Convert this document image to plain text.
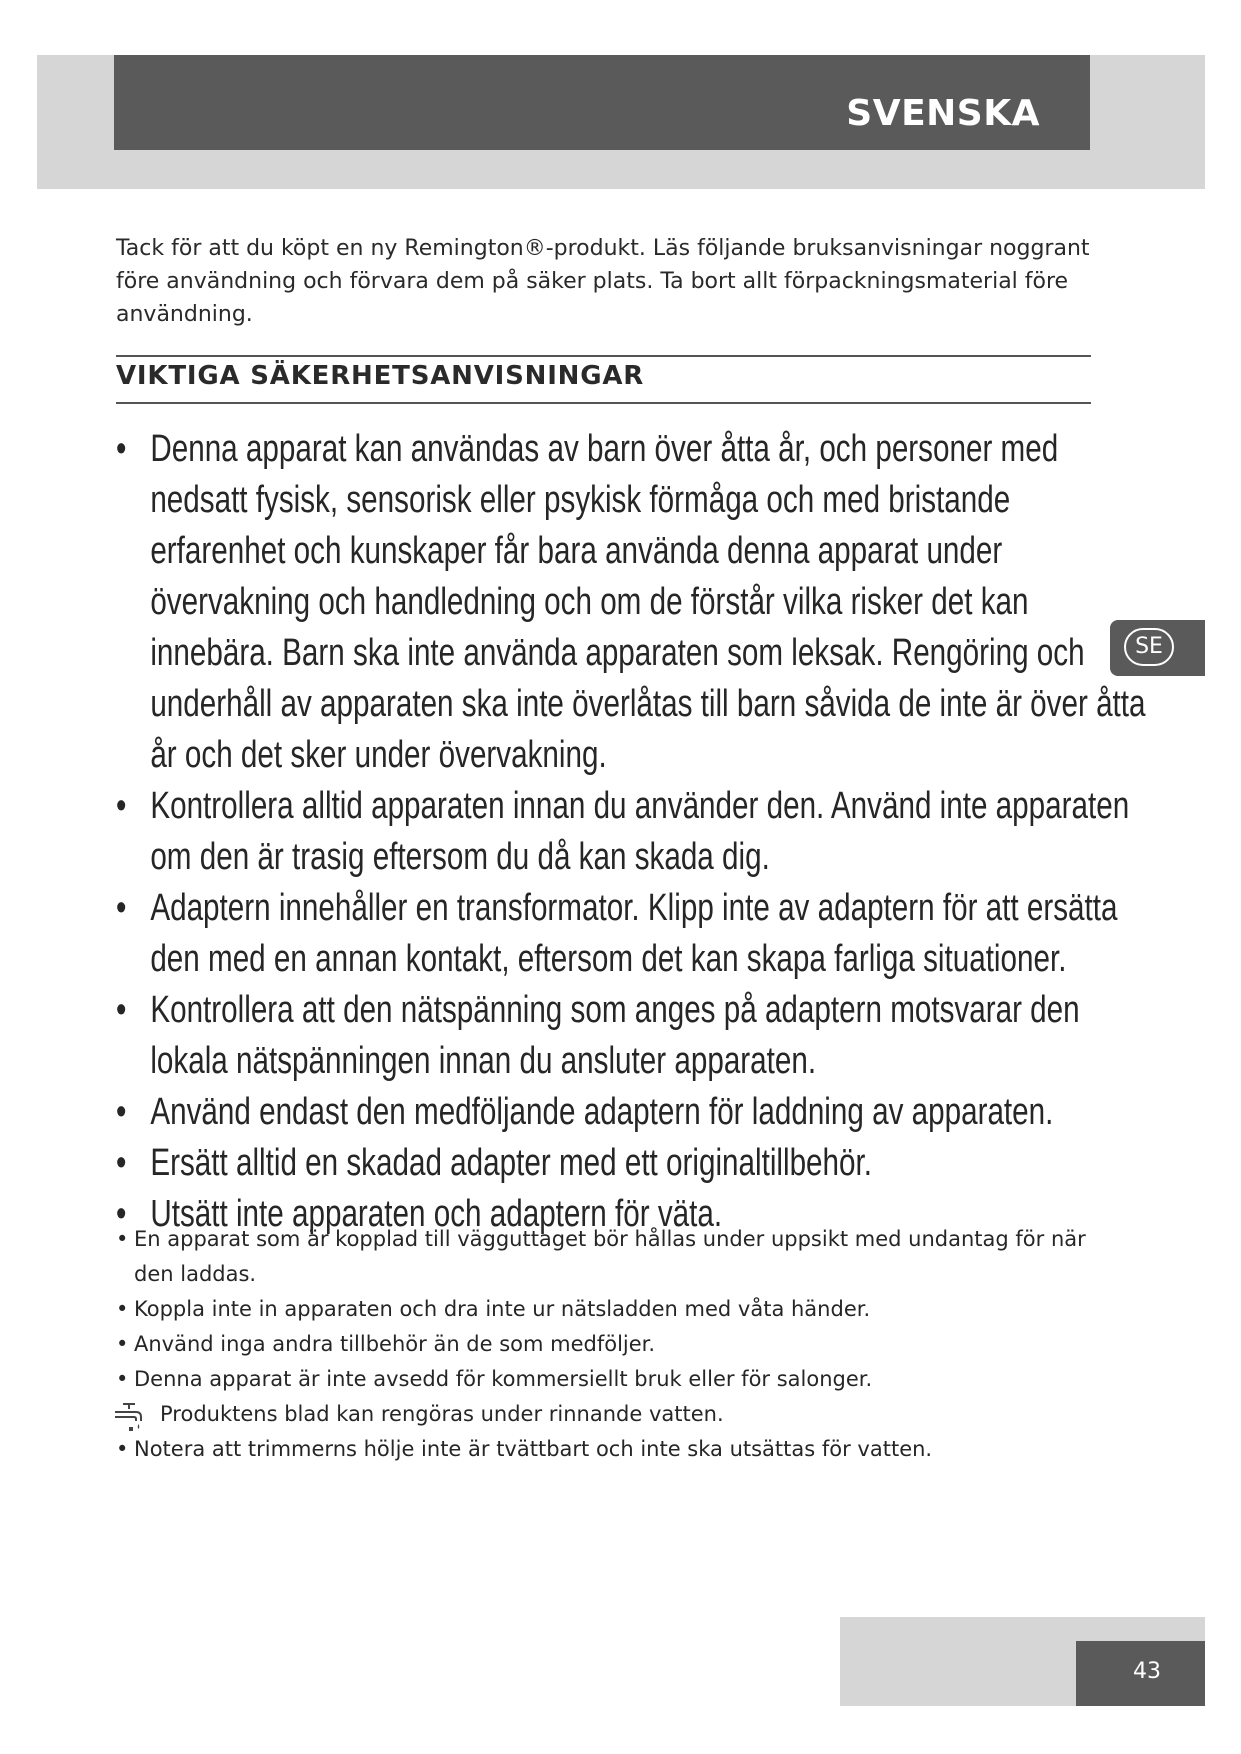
SVENSKA

Tack för att du köpt en ny Remington®-produkt. Läs följande bruksanvisningar noggrant före användning och förvara dem på säker plats. Ta bort allt förpackningsmaterial före användning.

VIKTIGA SÄKERHETSANVISNINGAR
• Denna apparat kan användas av barn över åtta år, och personer med nedsatt fysisk, sensorisk eller psykisk förmåga och med bristande erfarenhet och kunskaper får bara använda denna apparat under övervakning och handledning och om de förstår vilka risker det kan innebära. Barn ska inte använda apparaten som leksak. Rengöring och underhåll av apparaten ska inte överlåtas till barn såvida de inte är över åtta år och det sker under övervakning.
• Kontrollera alltid apparaten innan du använder den. Använd inte apparaten om den är trasig eftersom du då kan skada dig.
• Adaptern innehåller en transformator. Klipp inte av adaptern för att ersätta den med en annan kontakt, eftersom det kan skapa farliga situationer.
• Kontrollera att den nätspänning som anges på adaptern motsvarar den lokala nätspänningen innan du ansluter apparaten.
• Använd endast den medföljande adaptern för laddning av apparaten.
• Ersätt alltid en skadad adapter med ett originaltillbehör.
• Utsätt inte apparaten och adaptern för väta.
• En apparat som är kopplad till vägguttaget bör hållas under uppsikt med undantag för när den laddas.
• Koppla inte in apparaten och dra inte ur nätsladden med våta händer.
• Använd inga andra tillbehör än de som medföljer.
• Denna apparat är inte avsedd för kommersiellt bruk eller för salonger.
Produktens blad kan rengöras under rinnande vatten.
• Notera att trimmerns hölje inte är tvättbart och inte ska utsättas för vatten.
SE
43
